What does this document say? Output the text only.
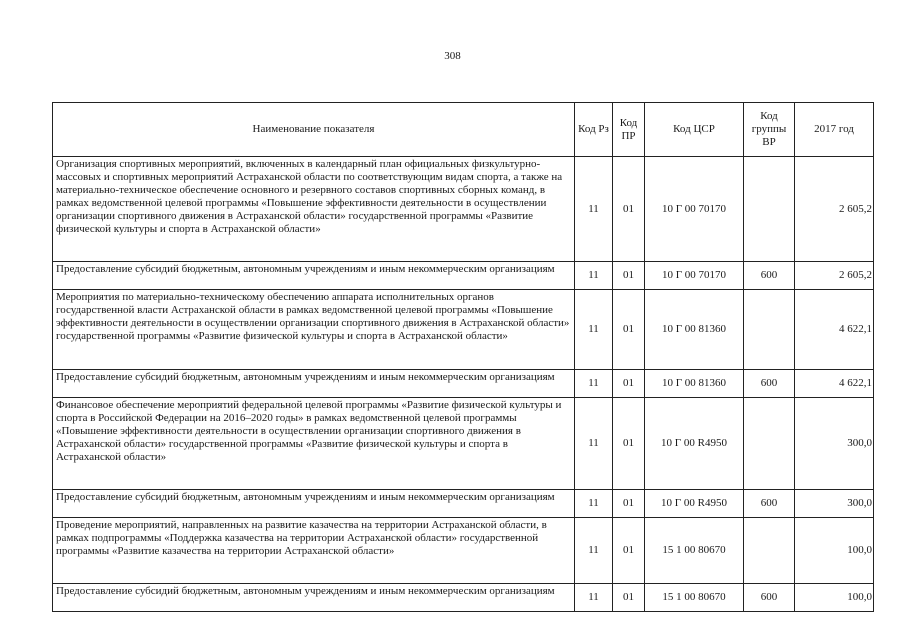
308
Наименование показателя	Код Рз	Код ПР	Код ЦСР	Код группы ВР	2017 год
Организация спортивных мероприятий, включенных в календарный план официальных физкультурно-массовых и спортивных мероприятий Астраханской области по соответствующим видам спорта, а также на материально-техническое обеспечение основного и резервного составов спортивных сборных команд, в рамках ведомственной целевой программы «Повышение эффективности деятельности в осуществлении организации спортивного движения в Астраханской области» государственной программы «Развитие физической культуры и спорта в Астраханской области»	11	01	10 Г 00 70170		2 605,2
Предоставление субсидий бюджетным, автономным учреждениям и иным некоммерческим организациям	11	01	10 Г 00 70170	600	2 605,2
Мероприятия по материально-техническому обеспечению аппарата исполнительных органов государственной власти Астраханской области в рамках ведомственной целевой программы «Повышение эффективности деятельности в осуществлении организации спортивного движения в Астраханской области» государственной программы «Развитие физической культуры и спорта в Астраханской области»	11	01	10 Г 00 81360		4 622,1
Предоставление субсидий бюджетным, автономным учреждениям и иным некоммерческим организациям	11	01	10 Г 00 81360	600	4 622,1
Финансовое обеспечение мероприятий федеральной целевой программы «Развитие физической культуры и спорта в Российской Федерации на 2016–2020 годы» в рамках ведомственной целевой программы «Повышение эффективности деятельности в осуществлении организации спортивного движения в Астраханской области» государственной программы «Развитие физической культуры и спорта в Астраханской области»	11	01	10 Г 00 R4950		300,0
Предоставление субсидий бюджетным, автономным учреждениям и иным некоммерческим организациям	11	01	10 Г 00 R4950	600	300,0
Проведение мероприятий, направленных на развитие казачества на территории Астраханской области, в рамках подпрограммы «Поддержка казачества на территории Астраханской области» государственной программы «Развитие казачества на территории Астраханской области»	11	01	15 1 00 80670		100,0
Предоставление субсидий бюджетным, автономным учреждениям и иным некоммерческим организациям	11	01	15 1 00 80670	600	100,0
